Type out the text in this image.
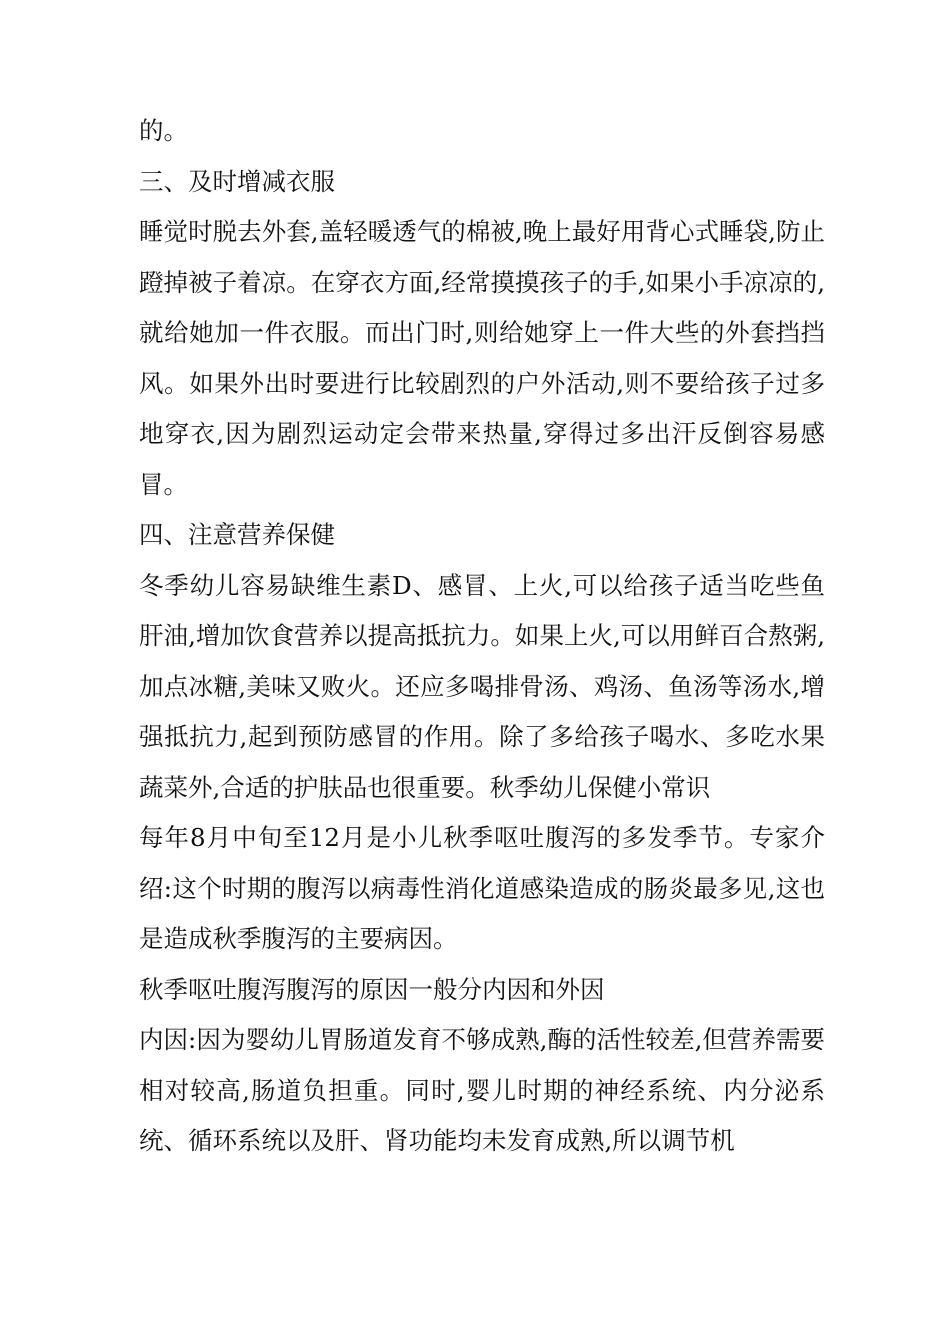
的。

三、及时增减衣服

睡觉时脱去外套,盖轻暖透气的棉被,晚上最好用背心式睡袋,防止蹬掉被子着凉。在穿衣方面,经常摸摸孩子的手,如果小手凉凉的,就给她加一件衣服。而出门时,则给她穿上一件大些的外套挡挡风。如果外出时要进行比较剧烈的户外活动,则不要给孩子过多地穿衣,因为剧烈运动定会带来热量,穿得过多出汗反倒容易感冒。

四、注意营养保健

冬季幼儿容易缺维生素D、感冒、上火,可以给孩子适当吃些鱼肝油,增加饮食营养以提高抵抗力。如果上火,可以用鲜百合熬粥,加点冰糖,美味又败火。还应多喝排骨汤、鸡汤、鱼汤等汤水,增强抵抗力,起到预防感冒的作用。除了多给孩子喝水、多吃水果蔬菜外,合适的护肤品也很重要。秋季幼儿保健小常识

每年8月中旬至12月是小儿秋季呕吐腹泻的多发季节。专家介绍:这个时期的腹泻以病毒性消化道感染造成的肠炎最多见,这也是造成秋季腹泻的主要病因。

秋季呕吐腹泻腹泻的原因一般分内因和外因

内因:因为婴幼儿胃肠道发育不够成熟,酶的活性较差,但营养需要相对较高,肠道负担重。同时,婴儿时期的神经系统、内分泌系统、循环系统以及肝、肾功能均未发育成熟,所以调节机
